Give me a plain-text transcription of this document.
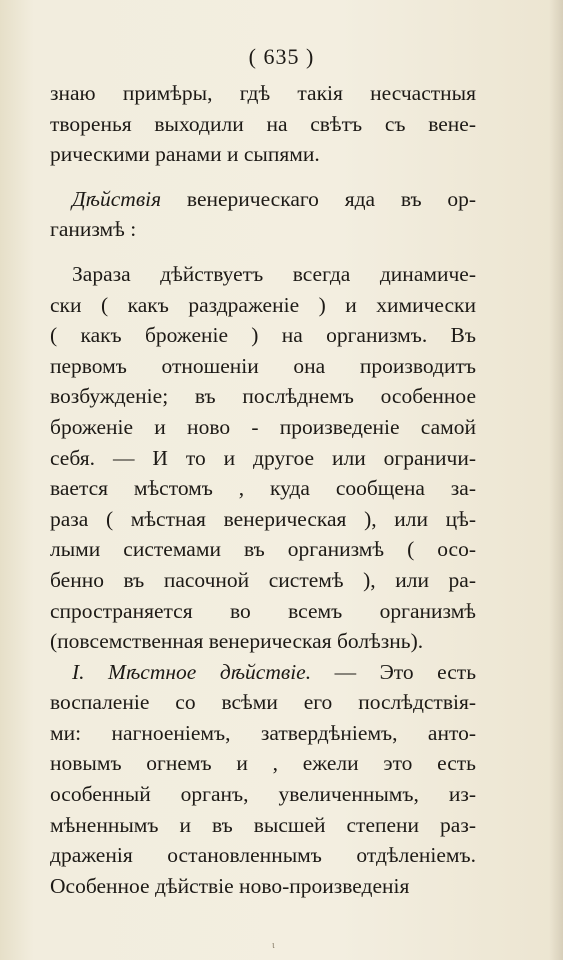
( 635 )
знаю примѣры, гдѣ такія несчастныя
творенья выходили на свѣтъ съ вене-
рическими ранами и сыпями.
Дѣйствія венерическаго яда въ ор-
ганизмѣ :
Зараза дѣйствуетъ всегда динамиче-
ски ( какъ раздраженіе ) и химически
( какъ броженіе ) на организмъ. Въ
первомъ отношеніи она производитъ
возбужденіе; въ послѣднемъ особенное
броженіе и ново - произведеніе самой
себя. — И то и другое или ограничи-
вается мѣстомъ , куда сообщена за-
раза ( мѣстная венерическая ), или цѣ-
лыми системами въ организмѣ ( осо-
бенно въ пасочной системѣ ), или ра-
спространяется во всемъ организмѣ
(повсемственная венерическая болѣзнь).
I. Мѣстное дѣйствіе. — Это есть
воспаленіе со всѣми его послѣдствія-
ми: нагноеніемъ, затвердѣніемъ, анто-
новымъ огнемъ и , ежели это есть
особенный органъ, увеличеннымъ, из-
мѣненнымъ и въ высшей степени раз-
драженія остановленнымъ отдѣленіемъ.
Особенное дѣйствіе ново-произведенія
ι
